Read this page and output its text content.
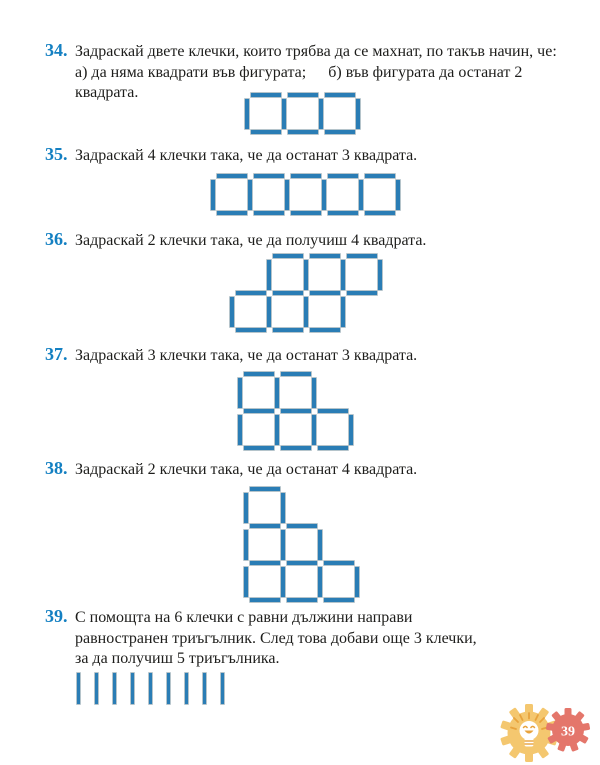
34. Задраскай двете клечки, които трябва да се махнат, по такъв начин, че:
а) да няма квадрати във фигурата; б) във фигурата да останат 2 квадрата.
35. Задраскай 4 клечки така, че да останат 3 квадрата.
36. Задраскай 2 клечки така, че да получиш 4 квадрата.
37. Задраскай 3 клечки така, че да останат 3 квадрата.
38. Задраскай 2 клечки така, че да останат 4 квадрата.
39. С помощта на 6 клечки с равни дължини направи
равностранен триъгълник. След това добави още 3 клечки,
за да получиш 5 триъгълника.
39
